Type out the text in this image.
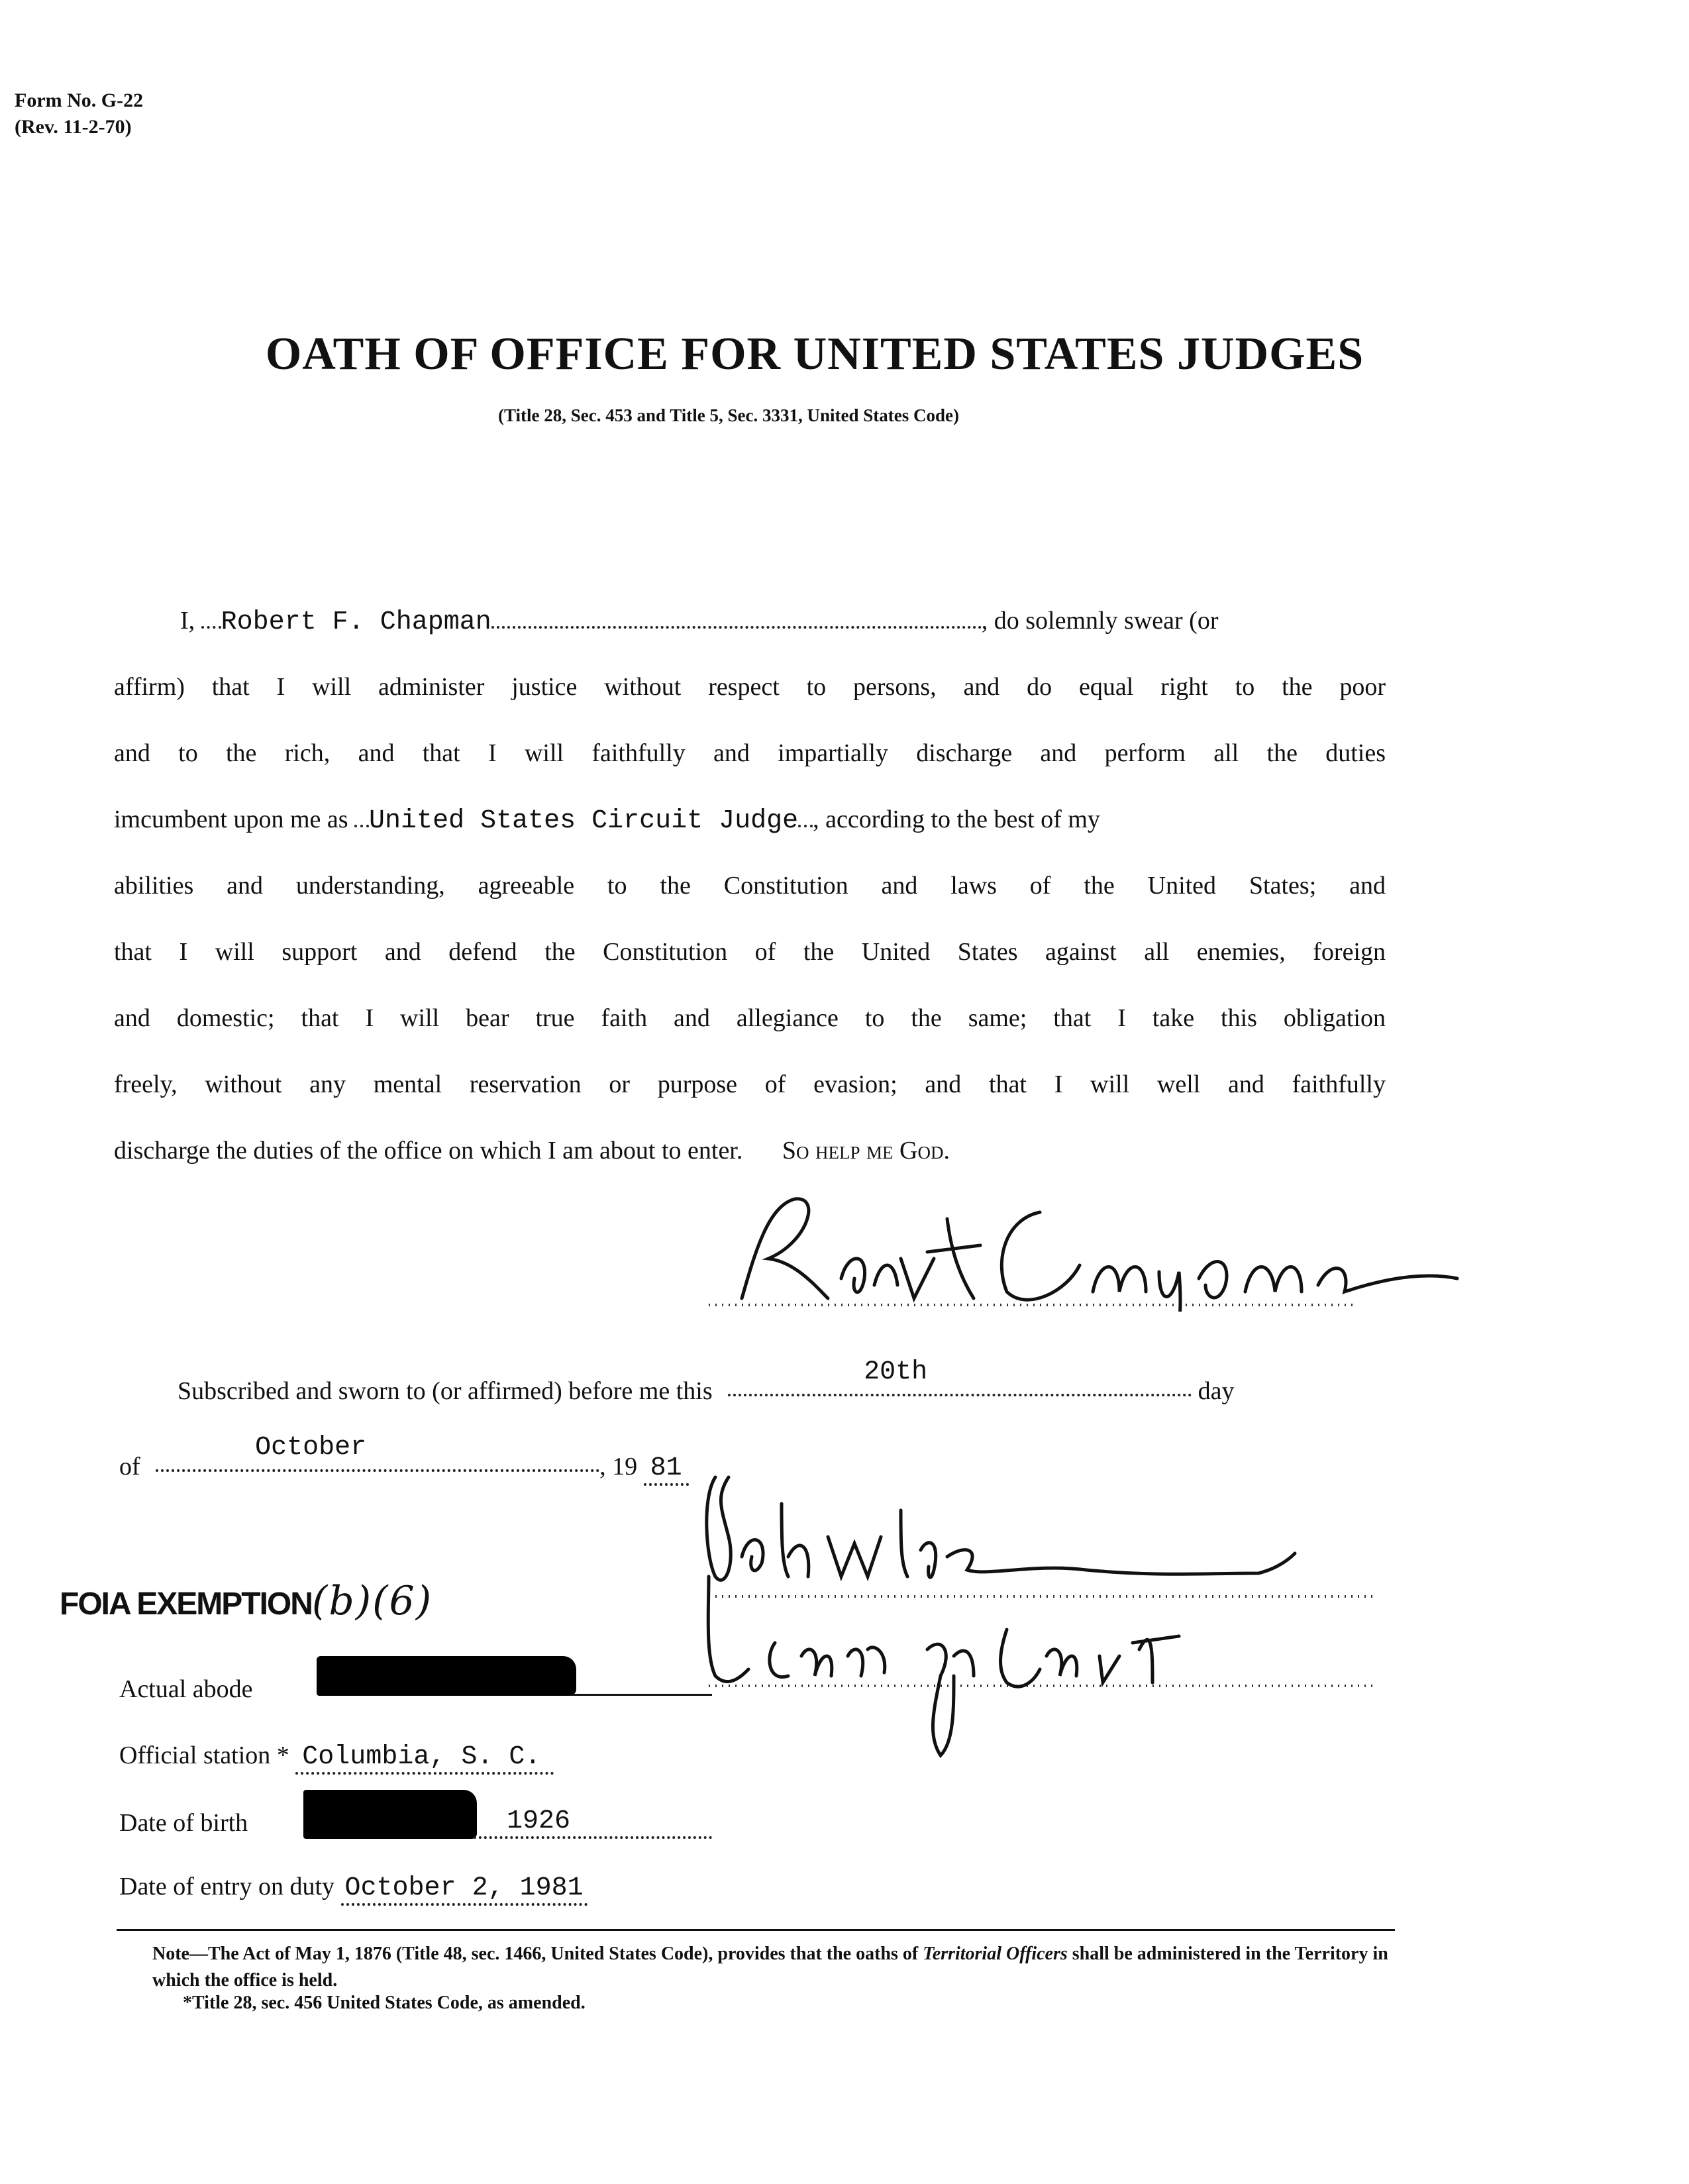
Form No. G-22
(Rev. 11-2-70)
OATH OF OFFICE FOR UNITED STATES JUDGES
(Title 28, Sec. 453 and Title 5, Sec. 3331, United States Code)
I, Robert F. Chapman	, do solemnly swear (or
affirm) that I will administer justice without respect to persons, and do equal right to the poor
and to the rich, and that I will faithfully and impartially discharge and perform all the duties
imcumbent upon me as United States Circuit Judge , according to the best of my
abilities and understanding, agreeable to the Constitution and laws of the United States; and
that I will support and defend the Constitution of the United States against all enemies, foreign
and domestic; that I will bear true faith and allegiance to the same; that I take this obligation
freely, without any mental reservation or purpose of evasion; and that I will well and faithfully
discharge the duties of the office on which I am about to enter. So help me God.
Subscribed and sworn to (or affirmed) before me this
20th
day
of
October
, 19 81
FOIA EXEMPTION(b)(6)
Actual abode
Official station * Columbia, S. C.
Date of birth	1926
Date of entry on duty October 2, 1981
Note—The Act of May 1, 1876 (Title 48, sec. 1466, United States Code), provides that the oaths of Territorial Officers shall be administered in the Territory in which the office is held.
*Title 28, sec. 456 United States Code, as amended.
